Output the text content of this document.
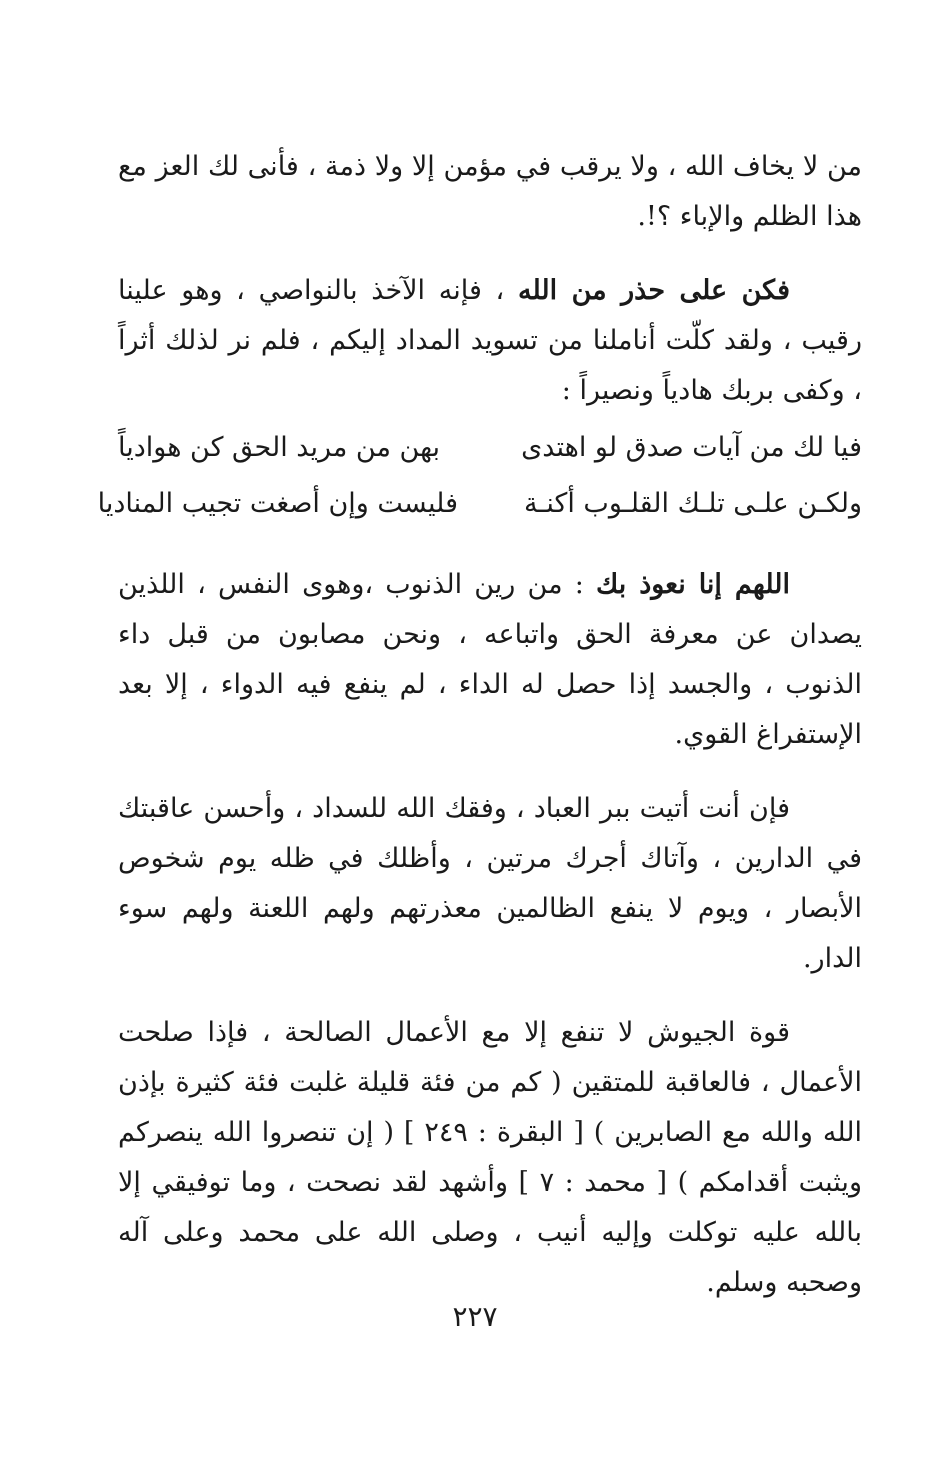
من لا يخاف الله ، ولا يرقب في مؤمن إلا ولا ذمة ، فأنى لك العز مع هذا الظلم والإباء ؟!.

فكن على حذر من الله ، فإنه الآخذ بالنواصي ، وهو علينا رقيب ، ولقد كلّت أناملنا من تسويد المداد إليكم ، فلم نر لذلك أثراً ، وكفى بربك هادياً ونصيراً :

فيا لك من آيات صدق لو اهتدى
بهن من مريد الحق كن هوادياً
ولكـن علـى تلـك القلـوب أكنـة
فليست وإن أصغت تجيب المناديا

اللهم إنا نعوذ بك : من رين الذنوب ،وهوى النفس ، اللذين يصدان عن معرفة الحق واتباعه ، ونحن مصابون من قبل داء الذنوب ، والجسد إذا حصل له الداء ، لم ينفع فيه الدواء ، إلا بعد الإستفراغ القوي.

فإن أنت أتيت ببر العباد ، وفقك الله للسداد ، وأحسن عاقبتك في الدارين ، وآتاك أجرك مرتين ، وأظلك في ظله يوم شخوص الأبصار ، ويوم لا ينفع الظالمين معذرتهم ولهم اللعنة ولهم سوء الدار.

قوة الجيوش لا تنفع إلا مع الأعمال الصالحة ، فإذا صلحت الأعمال ، فالعاقبة للمتقين ( كم من فئة قليلة غلبت فئة كثيرة بإذن الله والله مع الصابرين ) [ البقرة : ٢٤٩ ] ( إن تنصروا الله ينصركم ويثبت أقدامكم ) [ محمد : ٧ ] وأشهد لقد نصحت ، وما توفيقي إلا بالله عليه توكلت وإليه أنيب ، وصلى الله على محمد وعلى آله وصحبه وسلم.

٢٢٧
